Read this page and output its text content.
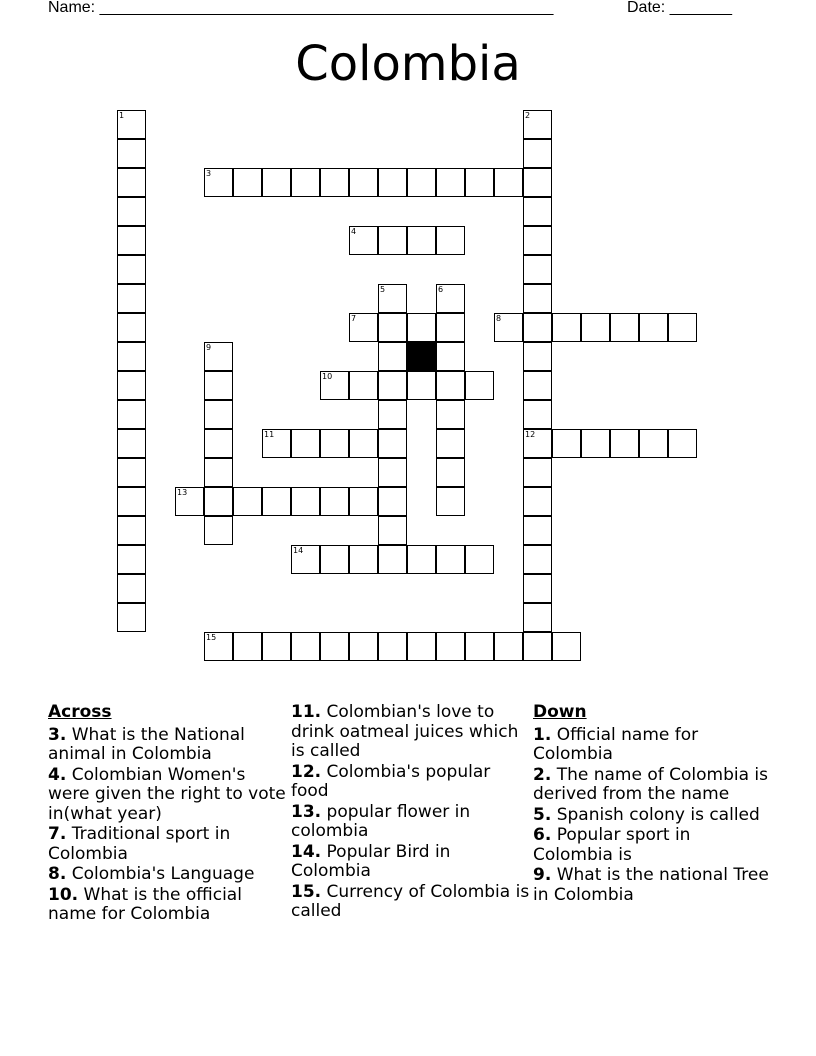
Name: ___________________________________________________	Date: _______
Colombia
3
4
7	8
10
11	12
13
14
15
1	2
5	6
9
Across
3. What is the National animal in Colombia
4. Colombian Women's were given the right to vote in(what year)
7. Traditional sport in Colombia
8. Colombia's Language
10. What is the official name for Colombia
11. Colombian's love to drink oatmeal juices which is called
12. Colombia's popular food
13. popular flower in colombia
14. Popular Bird in Colombia
15. Currency of Colombia is called
Down
1. Official name for Colombia
2. The name of Colombia is derived from the name
5. Spanish colony is called
6. Popular sport in Colombia is
9. What is the national Tree in Colombia
